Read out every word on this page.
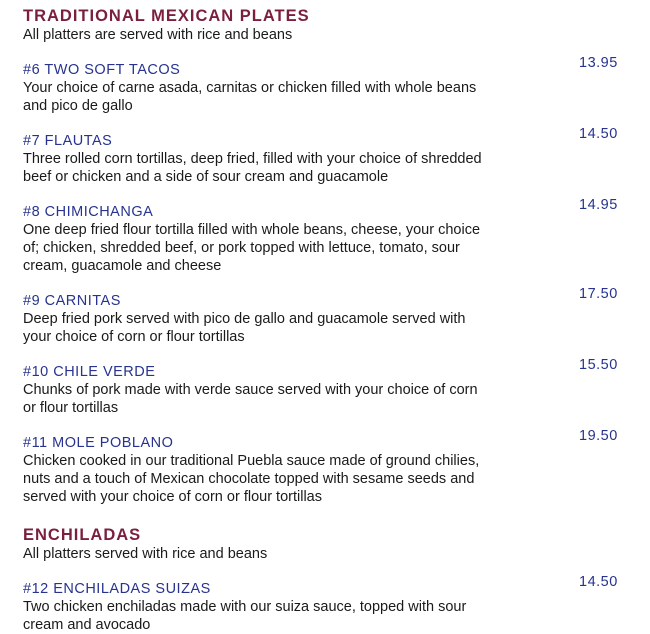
TRADITIONAL MEXICAN PLATES

All platters are served with rice and beans

#6 TWO SOFT TACOS	13.95

Your choice of carne asada, carnitas or chicken filled with whole beans

and pico de gallo

#7 FLAUTAS	14.50

Three rolled corn tortillas, deep fried, filled with your choice of shredded

beef or chicken and a side of sour cream and guacamole

#8 CHIMICHANGA	14.95

One deep fried flour tortilla filled with whole beans, cheese, your choice

of; chicken, shredded beef, or pork topped with lettuce, tomato, sour

cream, guacamole and cheese

#9 CARNITAS	17.50

Deep fried pork served with pico de gallo and guacamole served with

your choice of corn or flour tortillas

#10 CHILE VERDE	15.50

Chunks of pork made with verde sauce served with your choice of corn

or flour tortillas

#11 MOLE POBLANO	19.50

Chicken cooked in our traditional Puebla sauce made of ground chilies,

nuts and a touch of Mexican chocolate topped with sesame seeds and

served with your choice of corn or flour tortillas

ENCHILADAS

All platters served with rice and beans

#12 ENCHILADAS SUIZAS	14.50

Two chicken enchiladas made with our suiza sauce, topped with sour

cream and avocado
